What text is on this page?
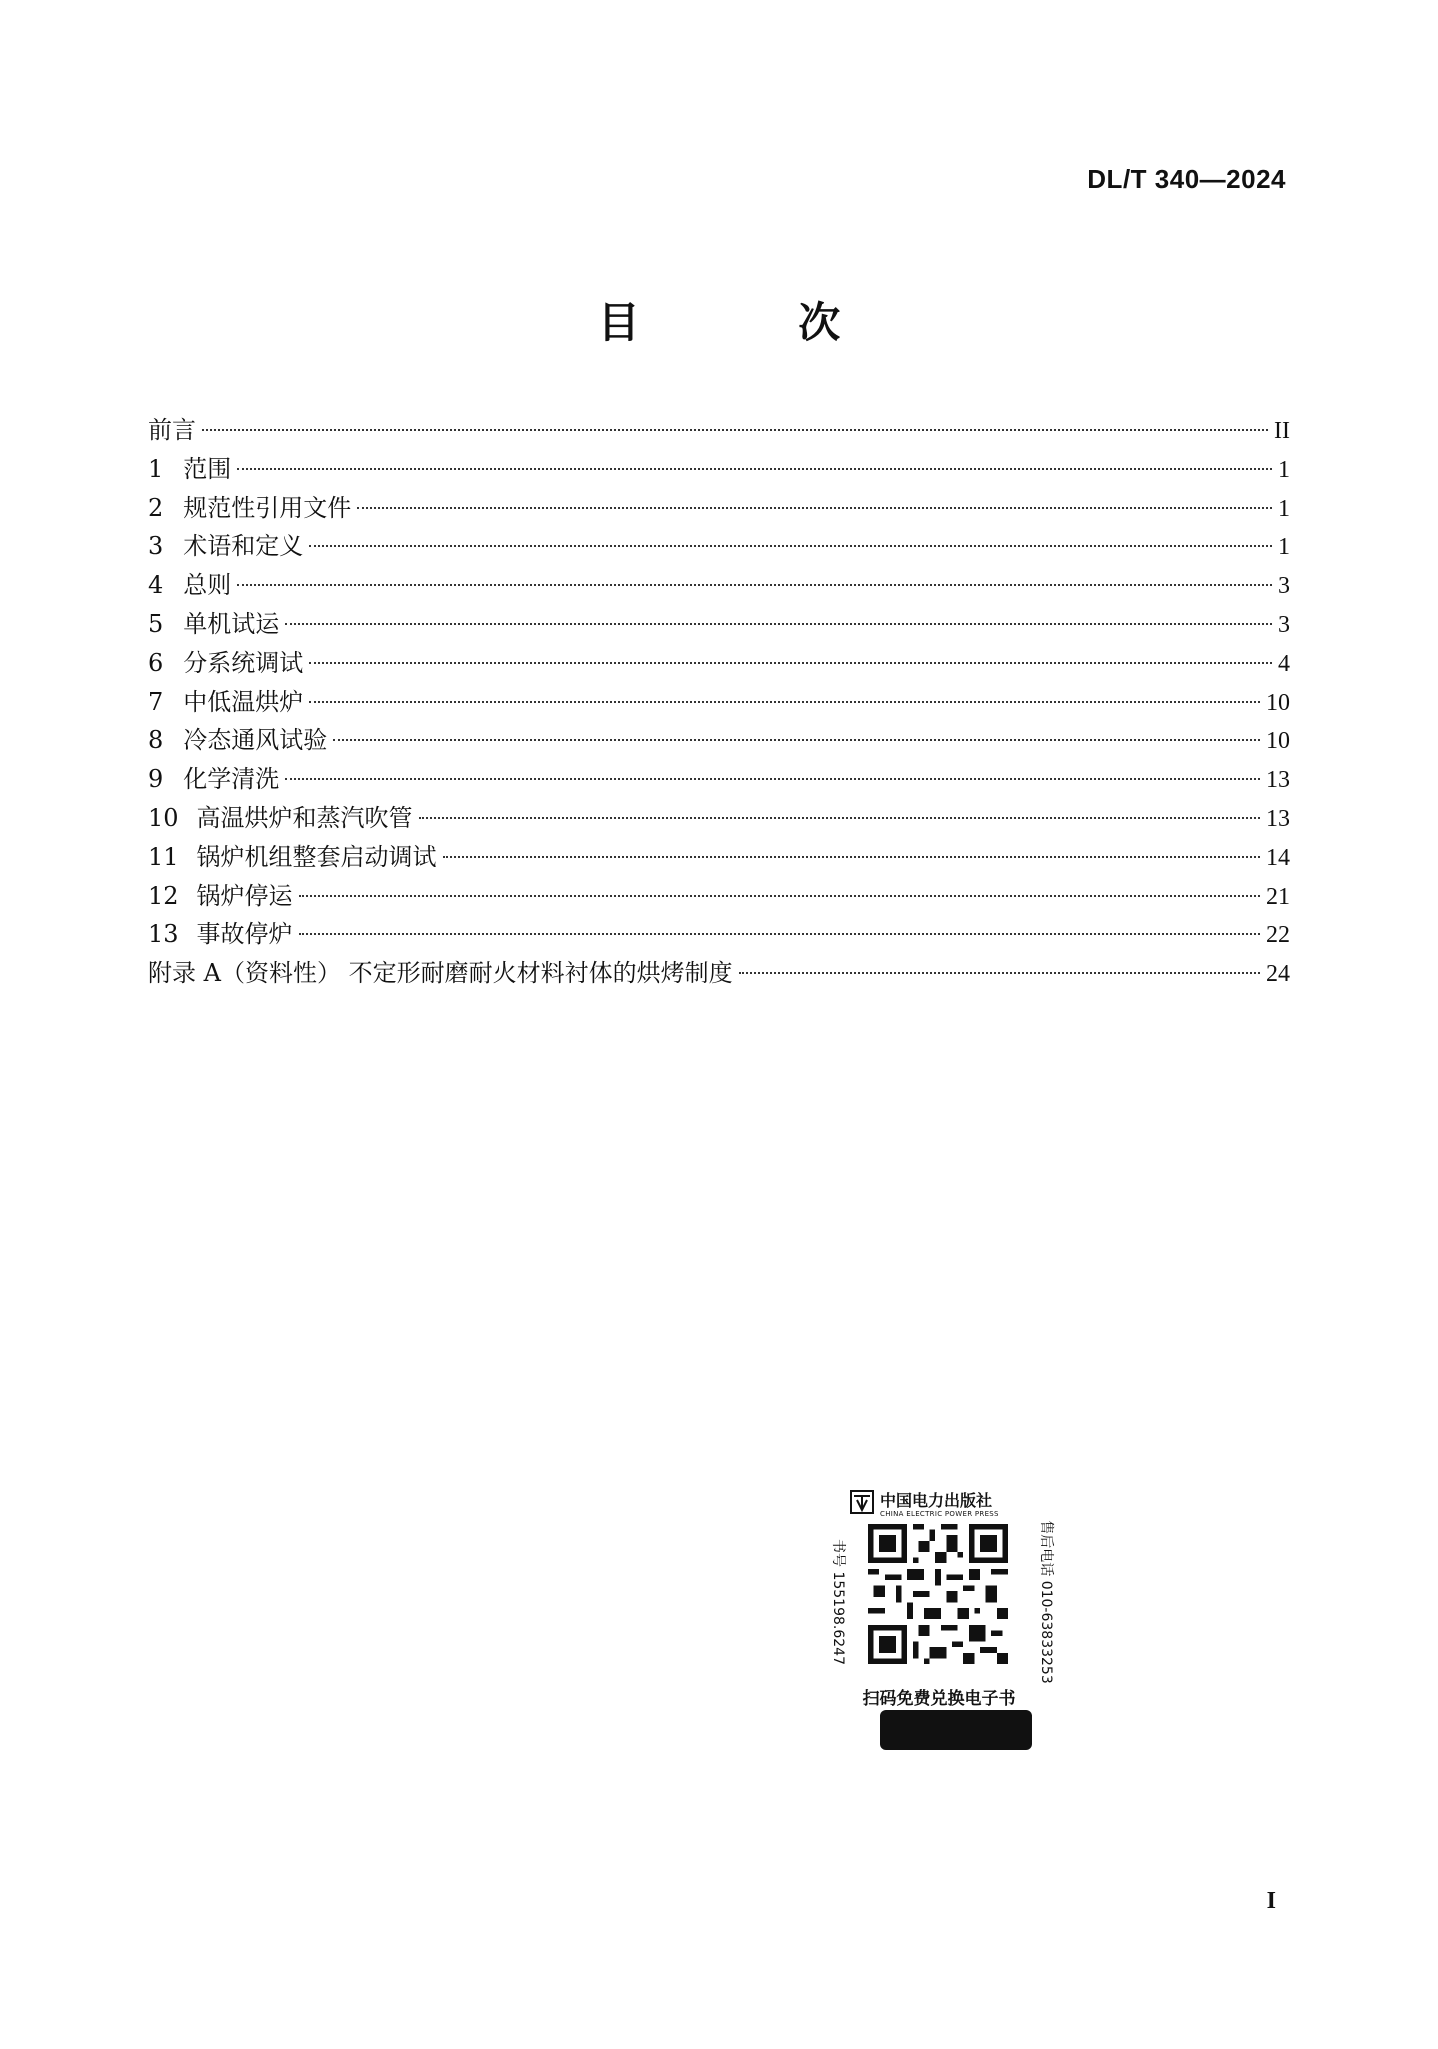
DL/T 340—2024
目 次
前言	II
1 范围	1
2 规范性引用文件	1
3 术语和定义	1
4 总则	3
5 单机试运	3
6 分系统调试	4
7 中低温烘炉	10
8 冷态通风试验	10
9 化学清洗	13
10 高温烘炉和蒸汽吹管	13
11 锅炉机组整套启动调试	14
12 锅炉停运	21
13 事故停炉	22
附录 A（资料性） 不定形耐磨耐火材料衬体的烘烤制度	24
中国电力出版社
CHINA ELECTRIC POWER PRESS
书号 155198.6247	售后电话 010-63833253
扫码免费兑换电子书
I
